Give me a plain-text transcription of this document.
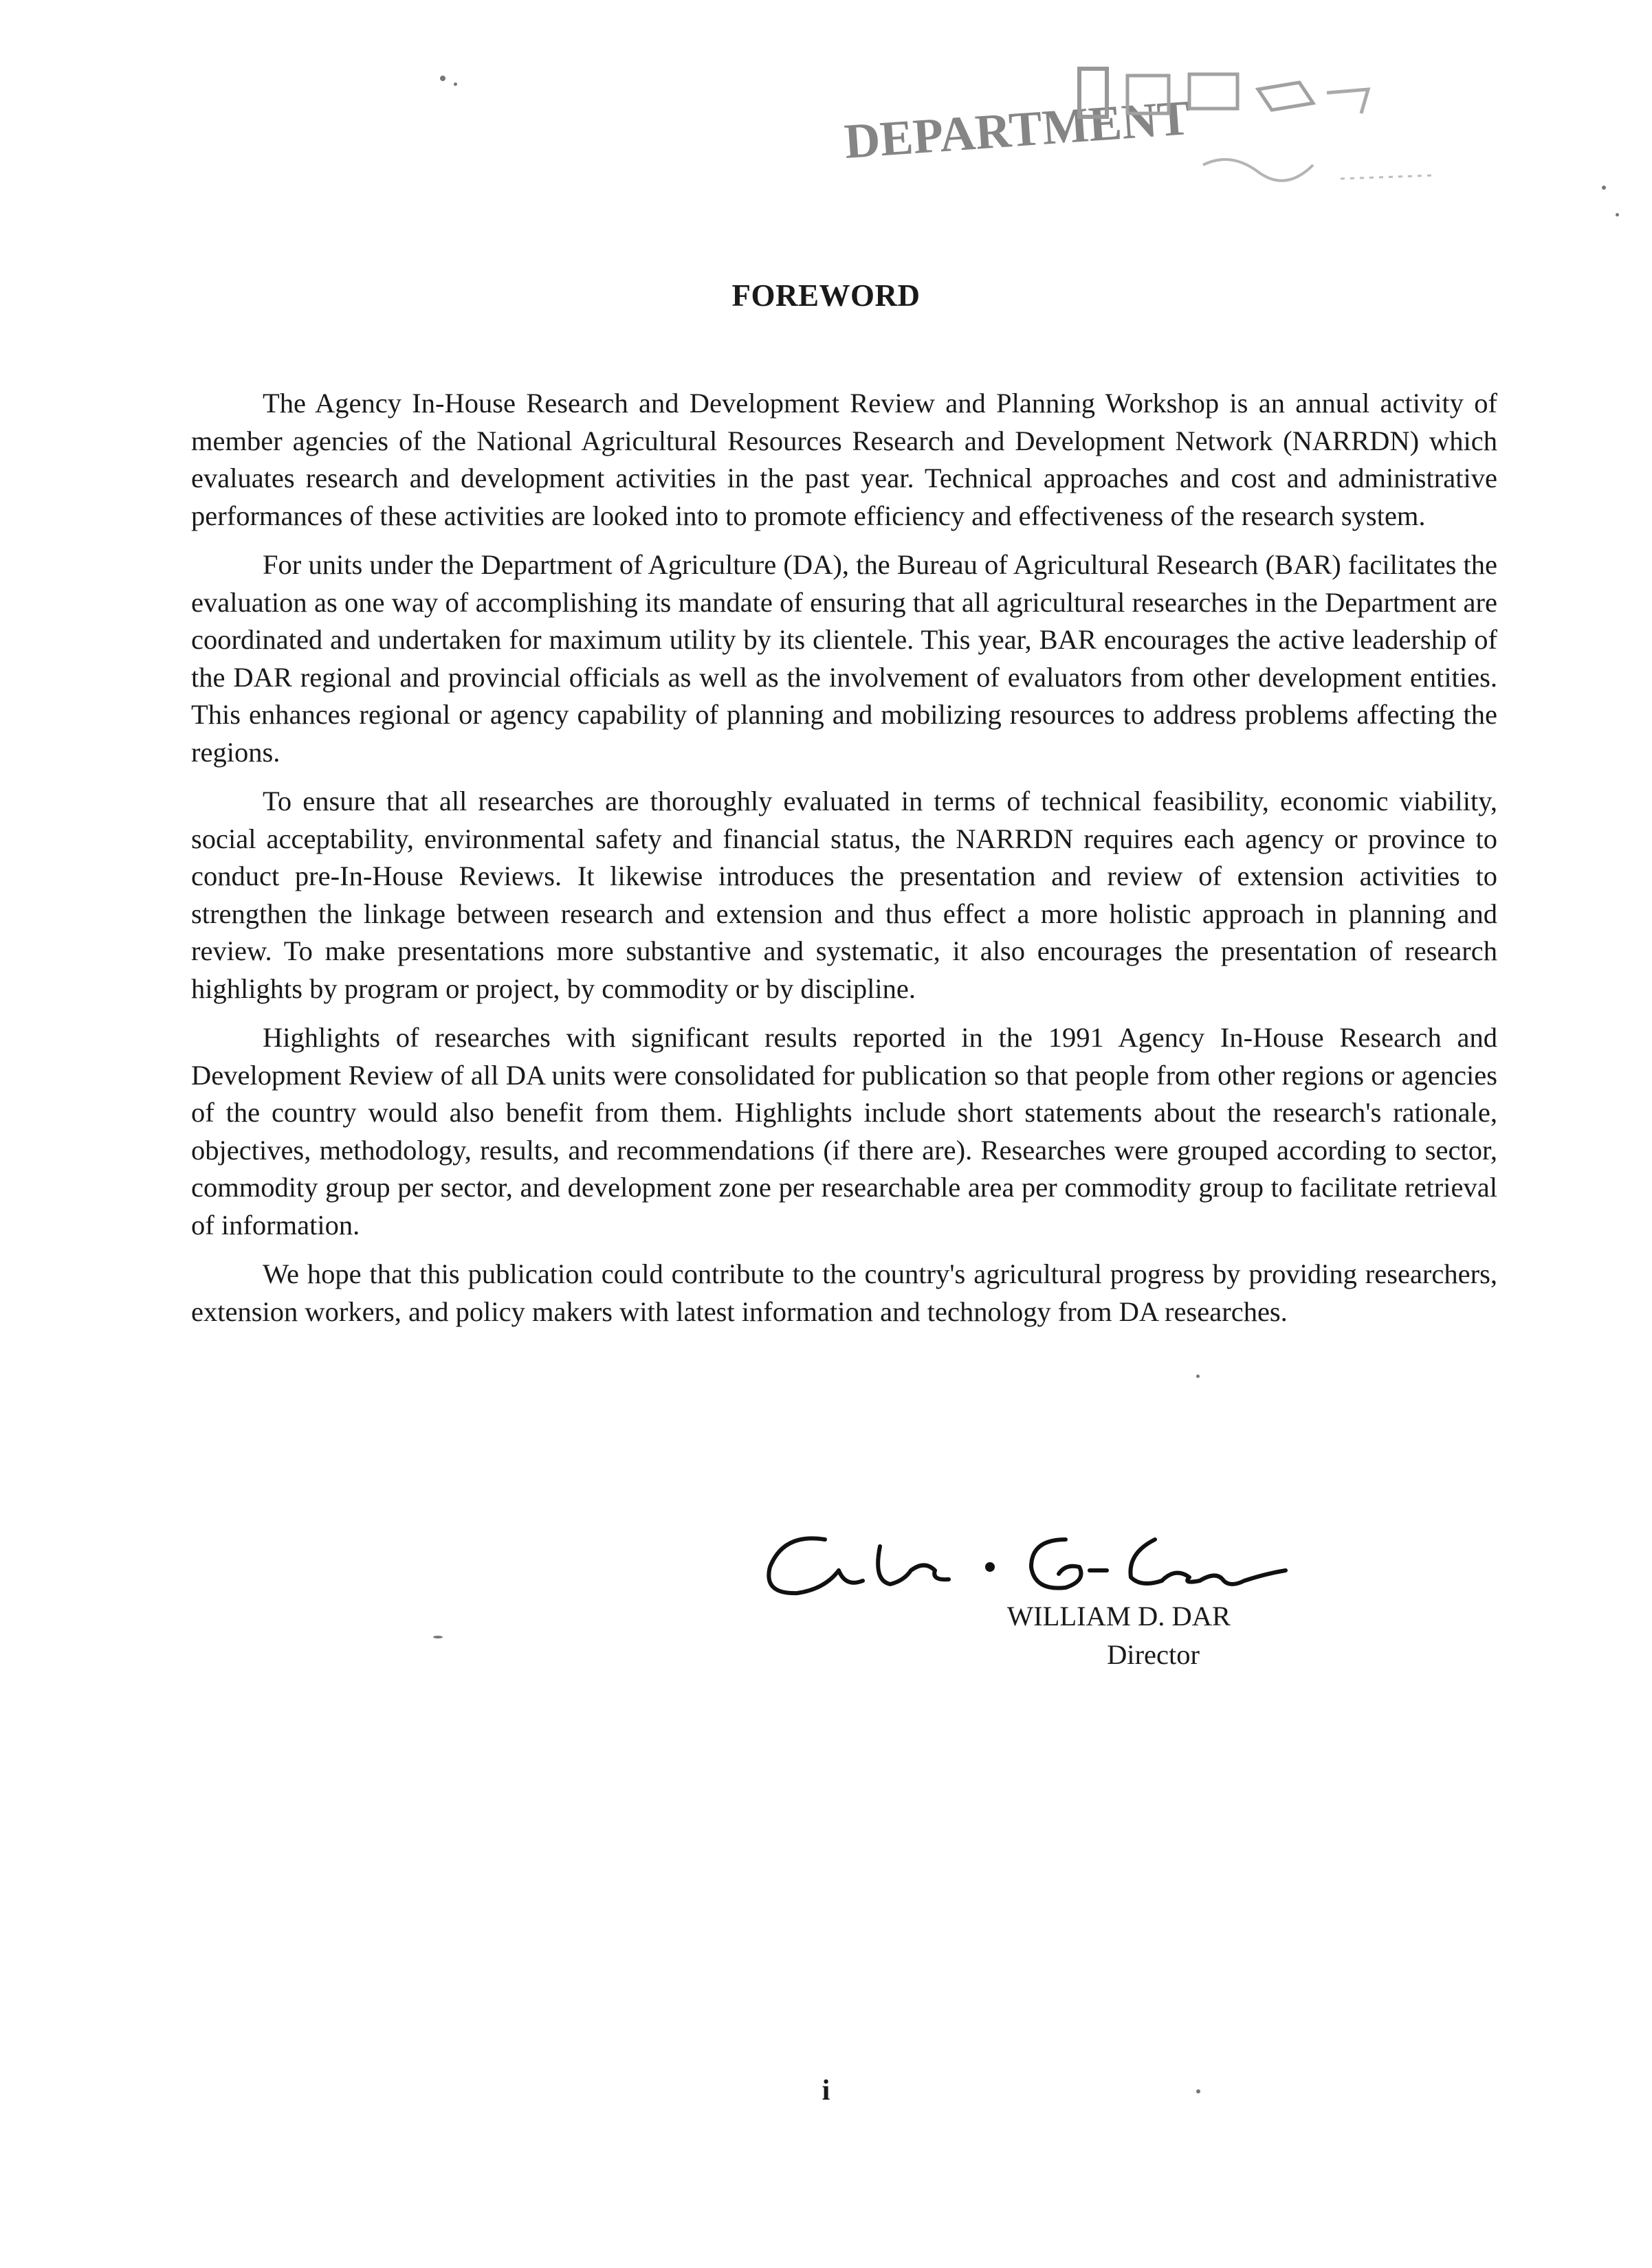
DEPARTMENT
FOREWORD

The Agency In-House Research and Development Review and Planning Workshop is an annual activity of member agencies of the National Agricultural Resources Research and Development Network (NARRDN) which evaluates research and development activities in the past year. Technical approaches and cost and administrative performances of these activities are looked into to promote efficiency and effectiveness of the research system.

For units under the Department of Agriculture (DA), the Bureau of Agricultural Research (BAR) facilitates the evaluation as one way of accomplishing its mandate of ensuring that all agricultural researches in the Department are coordinated and undertaken for maximum utility by its clientele. This year, BAR encourages the active leadership of the DAR regional and provincial officials as well as the involvement of evaluators from other development entities. This enhances regional or agency capability of planning and mobilizing resources to address problems affecting the regions.

To ensure that all researches are thoroughly evaluated in terms of technical feasibility, economic viability, social acceptability, environmental safety and financial status, the NARRDN requires each agency or province to conduct pre-In-House Reviews. It likewise introduces the presentation and review of extension activities to strengthen the linkage between research and extension and thus effect a more holistic approach in planning and review. To make presentations more substantive and systematic, it also encourages the presentation of research highlights by program or project, by commodity or by discipline.

Highlights of researches with significant results reported in the 1991 Agency In-House Research and Development Review of all DA units were consolidated for publication so that people from other regions or agencies of the country would also benefit from them. Highlights include short statements about the research's rationale, objectives, methodology, results, and recommendations (if there are). Researches were grouped according to sector, commodity group per sector, and development zone per researchable area per commodity group to facilitate retrieval of information.

We hope that this publication could contribute to the country's agricultural progress by providing researchers, extension workers, and policy makers with latest information and technology from DA researches.

WILLIAM D. DAR
Director
i
